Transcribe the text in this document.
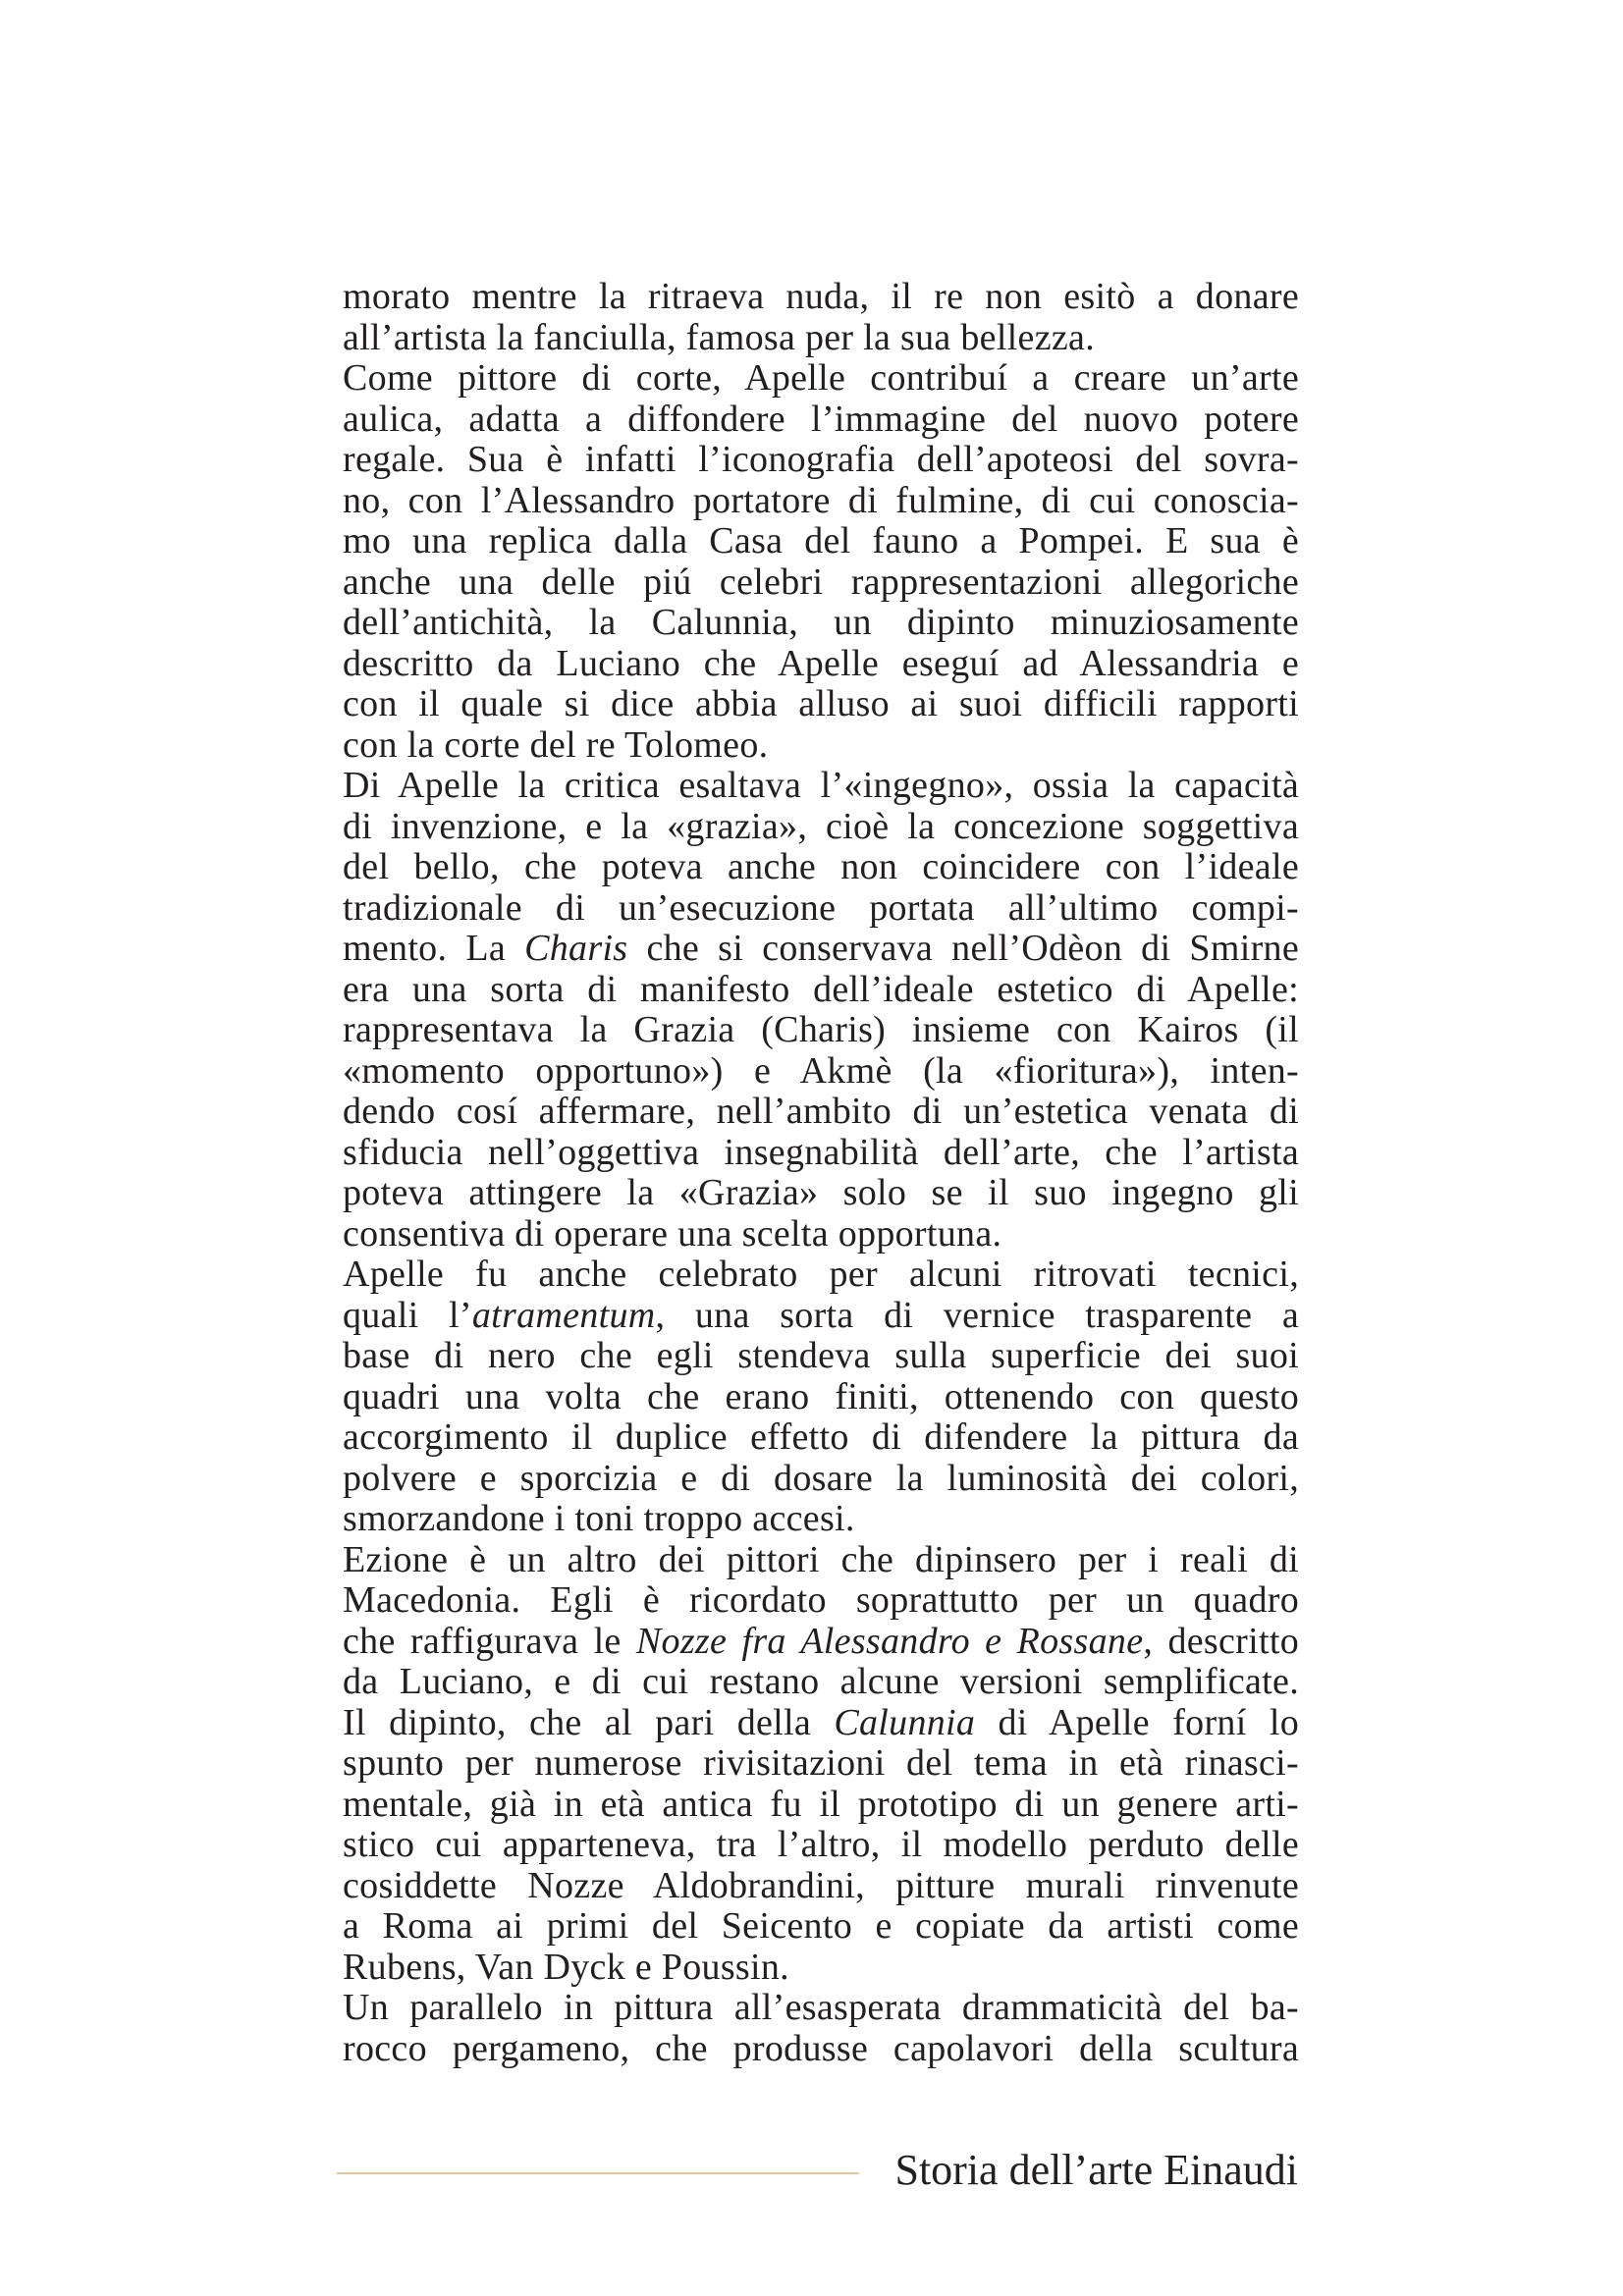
morato mentre la ritraeva nuda, il re non esitò a donare
all’artista la fanciulla, famosa per la sua bellezza.
Come pittore di corte, Apelle contribuí a creare un’arte
aulica, adatta a diffondere l’immagine del nuovo potere
regale. Sua è infatti l’iconografia dell’apoteosi del sovra-
no, con l’Alessandro portatore di fulmine, di cui conoscia-
mo una replica dalla Casa del fauno a Pompei. E sua è
anche una delle piú celebri rappresentazioni allegoriche
dell’antichità, la Calunnia, un dipinto minuziosamente
descritto da Luciano che Apelle eseguí ad Alessandria e
con il quale si dice abbia alluso ai suoi difficili rapporti
con la corte del re Tolomeo.
Di Apelle la critica esaltava l’«ingegno», ossia la capacità
di invenzione, e la «grazia», cioè la concezione soggettiva
del bello, che poteva anche non coincidere con l’ideale
tradizionale di un’esecuzione portata all’ultimo compi-
mento. La Charis che si conservava nell’Odèon di Smirne
era una sorta di manifesto dell’ideale estetico di Apelle:
rappresentava la Grazia (Charis) insieme con Kairos (il
«momento opportuno») e Akmè (la «fioritura»), inten-
dendo cosí affermare, nell’ambito di un’estetica venata di
sfiducia nell’oggettiva insegnabilità dell’arte, che l’artista
poteva attingere la «Grazia» solo se il suo ingegno gli
consentiva di operare una scelta opportuna.
Apelle fu anche celebrato per alcuni ritrovati tecnici,
quali l’atramentum, una sorta di vernice trasparente a
base di nero che egli stendeva sulla superficie dei suoi
quadri una volta che erano finiti, ottenendo con questo
accorgimento il duplice effetto di difendere la pittura da
polvere e sporcizia e di dosare la luminosità dei colori,
smorzandone i toni troppo accesi.
Ezione è un altro dei pittori che dipinsero per i reali di
Macedonia. Egli è ricordato soprattutto per un quadro
che raffigurava le Nozze fra Alessandro e Rossane, descritto
da Luciano, e di cui restano alcune versioni semplificate.
Il dipinto, che al pari della Calunnia di Apelle forní lo
spunto per numerose rivisitazioni del tema in età rinasci-
mentale, già in età antica fu il prototipo di un genere arti-
stico cui apparteneva, tra l’altro, il modello perduto delle
cosiddette Nozze Aldobrandini, pitture murali rinvenute
a Roma ai primi del Seicento e copiate da artisti come
Rubens, Van Dyck e Poussin.
Un parallelo in pittura all’esasperata drammaticità del ba-
rocco pergameno, che produsse capolavori della scultura
Storia dell’arte Einaudi
